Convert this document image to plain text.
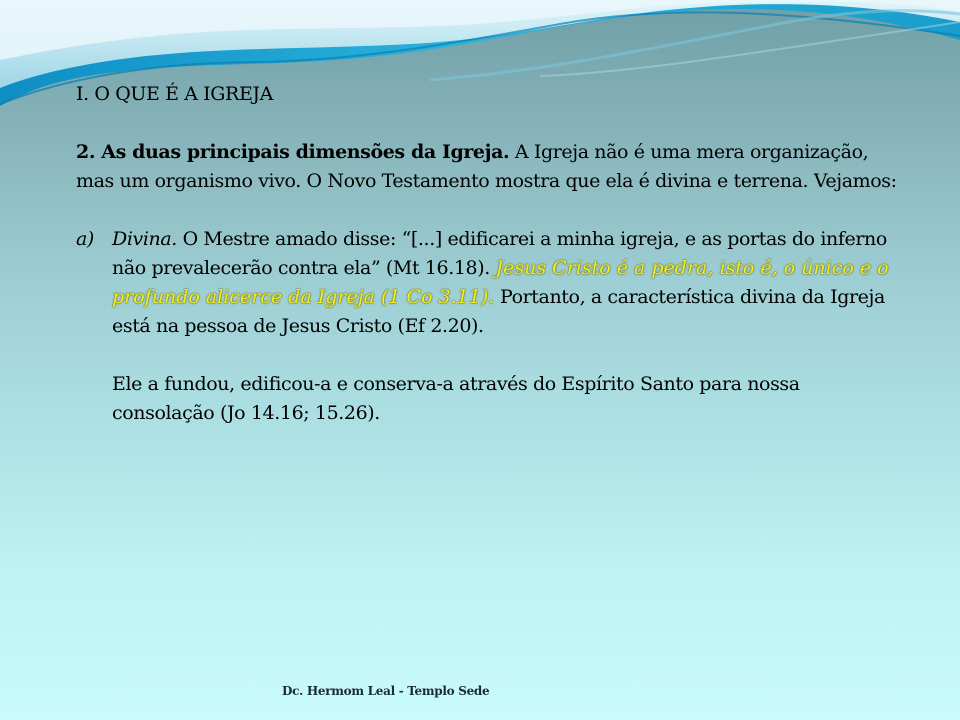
I. O QUE É A IGREJA

2. As duas principais dimensões da Igreja. A Igreja não é uma mera organização, mas um organismo vivo. O Novo Testamento mostra que ela é divina e terrena. Vejamos:

a) Divina. O Mestre amado disse: “[...] edificarei a minha igreja, e as portas do inferno não prevalecerão contra ela” (Mt 16.18). Jesus Cristo é a pedra, isto é, o único e o profundo alicerce da Igreja (1 Co 3.11). Portanto, a característica divina da Igreja está na pessoa de Jesus Cristo (Ef 2.20).

Ele a fundou, edificou-a e conserva-a através do Espírito Santo para nossa consolação (Jo 14.16; 15.26).

Dc. Hermom Leal - Templo Sede
